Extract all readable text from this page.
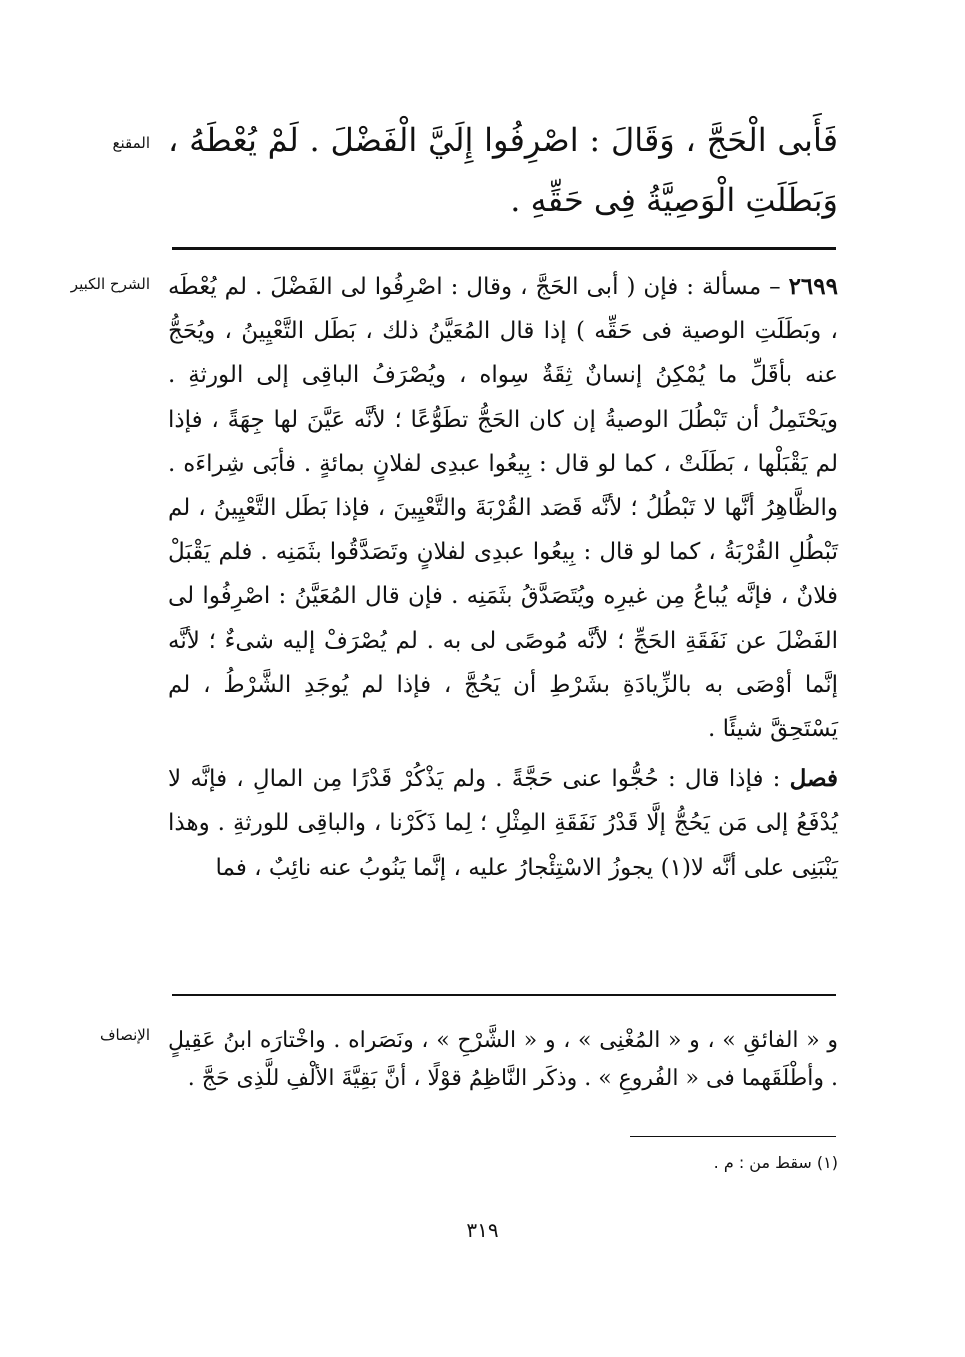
المقنع فَأَبى الْحَجَّ ، وَقَالَ : اصْرِفُوا إِلَيَّ الْفَضْلَ . لَمْ يُعْطَهُ ، وَبَطَلَتِ الْوَصِيَّةُ فِى حَقِّهِ .
الشرح الكبير	٢٦٩٩ – مسألة : فإن ( أبى الحَجَّ ، وقال : اصْرِفُوا لى الفَضْلَ . لم يُعْطَه ، وبَطَلَتِ الوصية فى حَقِّه ) إذا قال المُعَيَّنُ ذلك ، بَطَل التَّعْيِينُ ، ويُحَجُّ عنه بأقَلِّ ما يُمْكِنُ إنسانٌ ثِقَةٌ سِواه ، ويُصْرَفُ الباقِى إلى الورثةِ . ويَحْتَمِلُ أن تَبْطُلَ الوصيةُ إن كان الحَجُّ تطَوُّعًا ؛ لأنَّه عَيَّنَ لها جِهَةً ، فإذا لم يَقْبَلْها ، بَطَلَتْ ، كما لو قال : بِيعُوا عبدِى لفلانٍ بمائةٍ . فأبَى شِراءَه . والظَّاهِرُ أنَّها لا تَبْطُلُ ؛ لأنَّه قَصَد القُرْبَةَ والتَّعْيِينَ ، فإذا بَطَل التَّعْيِينُ ، لم تَبْطُلِ القُرْبَةُ ، كما لو قال : بِيعُوا عبدِى لفلانٍ وتَصَدَّقُوا بثَمَنِه . فلم يَقْبَلْ فلانٌ ، فإنَّه يُباعُ مِن غيرِه ويُتَصَدَّقُ بثَمَنِه . فإن قال المُعَيَّنُ : اصْرِفُوا لى الفَضْلَ عن نَفَقَةِ الحَجِّ ؛ لأنَّه مُوصًى لى به . لم يُصْرَفْ إليه شىءٌ ؛ لأنَّه إنَّما أوْصَى به بالزِّيادَةِ بشَرْطِ أن يَحُجَّ ، فإذا لم يُوجَدِ الشَّرْطُ ، لم يَسْتَحِقَّ شيئًا .

فصل : فإذا قال : حُجُّوا عنى حَجَّةً . ولم يَذْكُرْ قَدْرًا مِن المالِ ، فإنَّه لا يُدْفَعُ إلى مَن يَحُجُّ إلَّا قَدْرُ نَفَقَةِ المِثْلِ ؛ لِما ذَكَرْنا ، والباقِى للورثةِ . وهذا يَنْبَنِى على أنَّه لا(١) يجوزُ الاسْتِئْجارُ عليه ، إنَّما يَنُوبُ عنه نائِبٌ ، فما

الإنصاف و « الفائقِ » ، و « المُغْنِى » ، و « الشَّرْحِ » ، ونَصَراه . واخْتارَه ابنُ عَقِيلٍ . وأطْلَقَهما فى « الفُروعِ » . وذكَر النَّاظِمُ قوْلًا ، أنَّ بَقِيَّةَ الألْفِ للَّذِى حَجَّ .
(١) سقط من : م .
٣١٩
